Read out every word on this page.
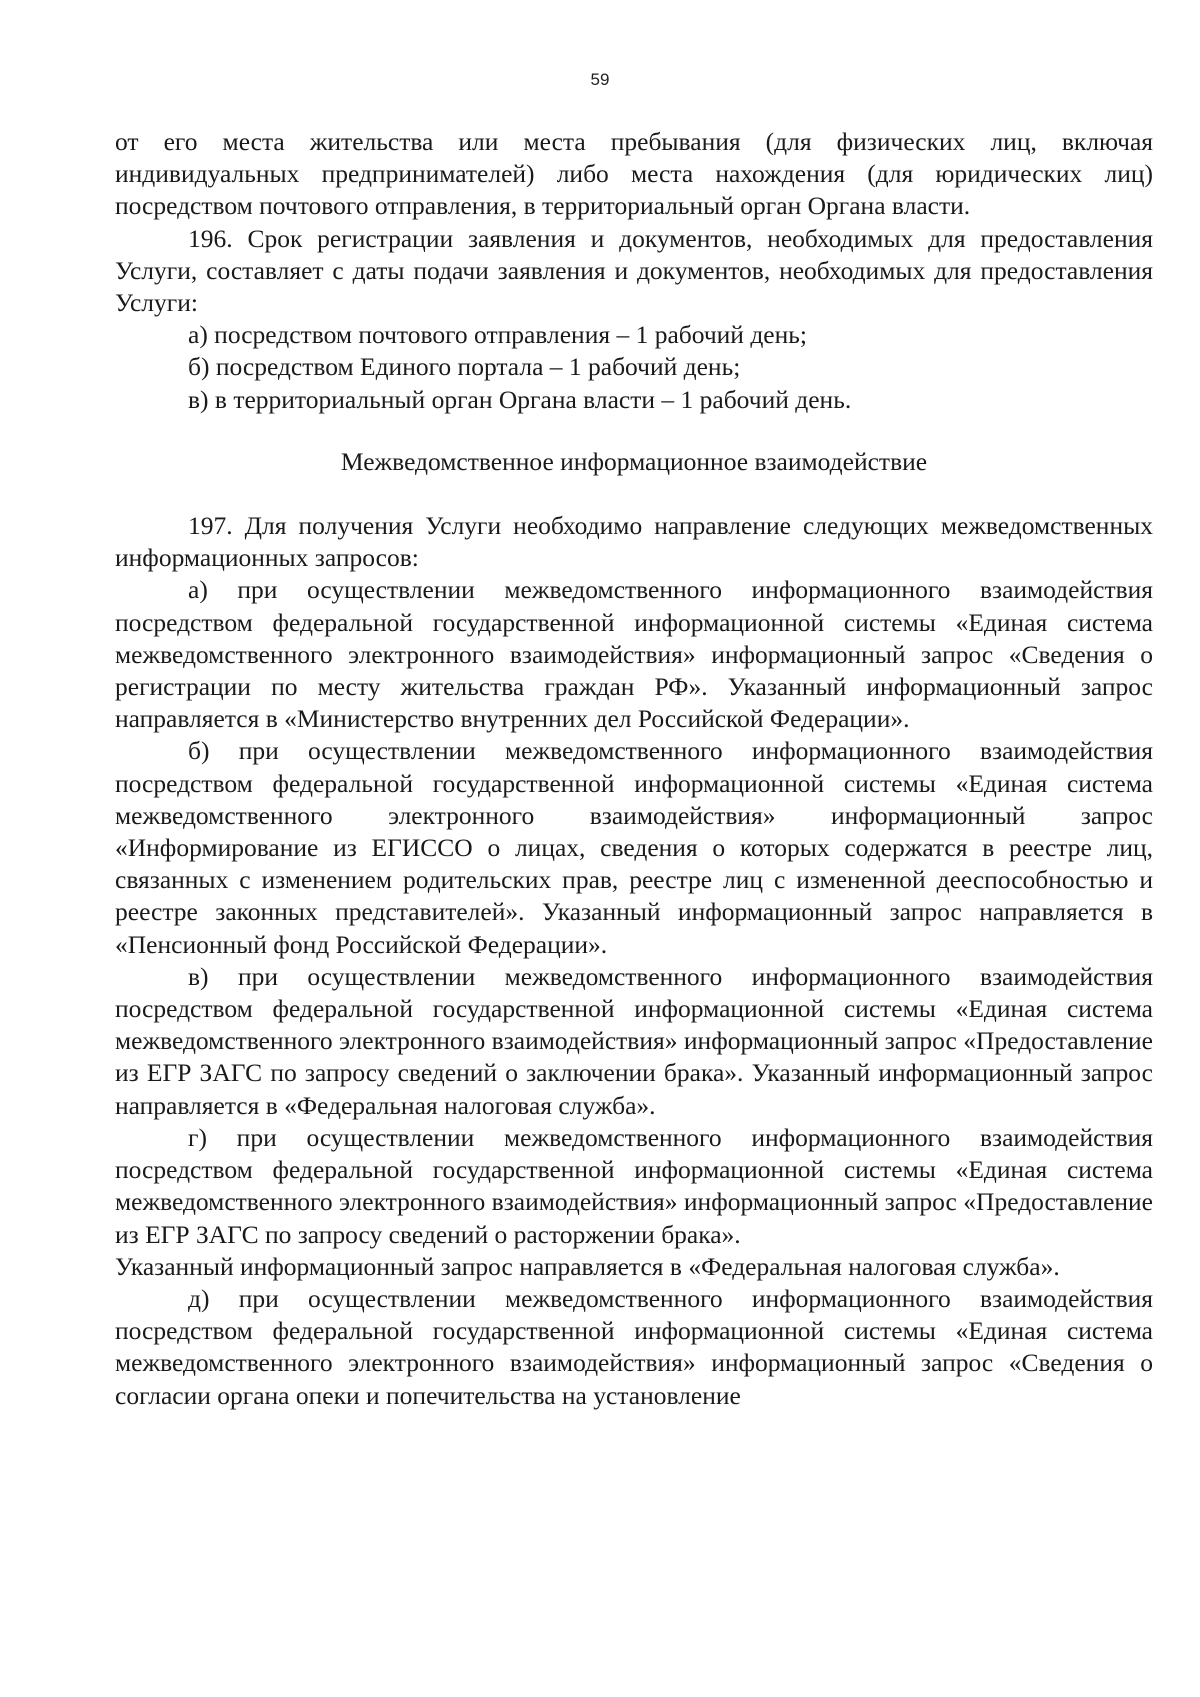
59

от его места жительства или места пребывания (для физических лиц, включая индивидуальных предпринимателей) либо места нахождения (для юридических лиц) посредством почтового отправления, в территориальный орган Органа власти.

196. Срок регистрации заявления и документов, необходимых для предоставления Услуги, составляет с даты подачи заявления и документов, необходимых для предоставления Услуги:

а) посредством почтового отправления – 1 рабочий день;

б) посредством Единого портала – 1 рабочий день;

в) в территориальный орган Органа власти – 1 рабочий день.

Межведомственное информационное взаимодействие

197. Для получения Услуги необходимо направление следующих межведомственных информационных запросов:

а) при осуществлении межведомственного информационного взаимодействия посредством федеральной государственной информационной системы «Единая система межведомственного электронного взаимодействия» информационный запрос «Сведения о регистрации по месту жительства граждан РФ». Указанный информационный запрос направляется в «Министерство внутренних дел Российской Федерации».

б) при осуществлении межведомственного информационного взаимодействия посредством федеральной государственной информационной системы «Единая система межведомственного электронного взаимодействия» информационный запрос «Информирование из ЕГИССО о лицах, сведения о которых содержатся в реестре лиц, связанных с изменением родительских прав, реестре лиц с измененной дееспособностью и реестре законных представителей». Указанный информационный запрос направляется в «Пенсионный фонд Российской Федерации».

в) при осуществлении межведомственного информационного взаимодействия посредством федеральной государственной информационной системы «Единая система межведомственного электронного взаимодействия» информационный запрос «Предоставление из ЕГР ЗАГС по запросу сведений о заключении брака». Указанный информационный запрос направляется в «Федеральная налоговая служба».

г) при осуществлении межведомственного информационного взаимодействия посредством федеральной государственной информационной системы «Единая система межведомственного электронного взаимодействия» информационный запрос «Предоставление из ЕГР ЗАГС по запросу сведений о расторжении брака».

Указанный информационный запрос направляется в «Федеральная налоговая служба».

д) при осуществлении межведомственного информационного взаимодействия посредством федеральной государственной информационной системы «Единая система межведомственного электронного взаимодействия» информационный запрос «Сведения о согласии органа опеки и попечительства на установление
